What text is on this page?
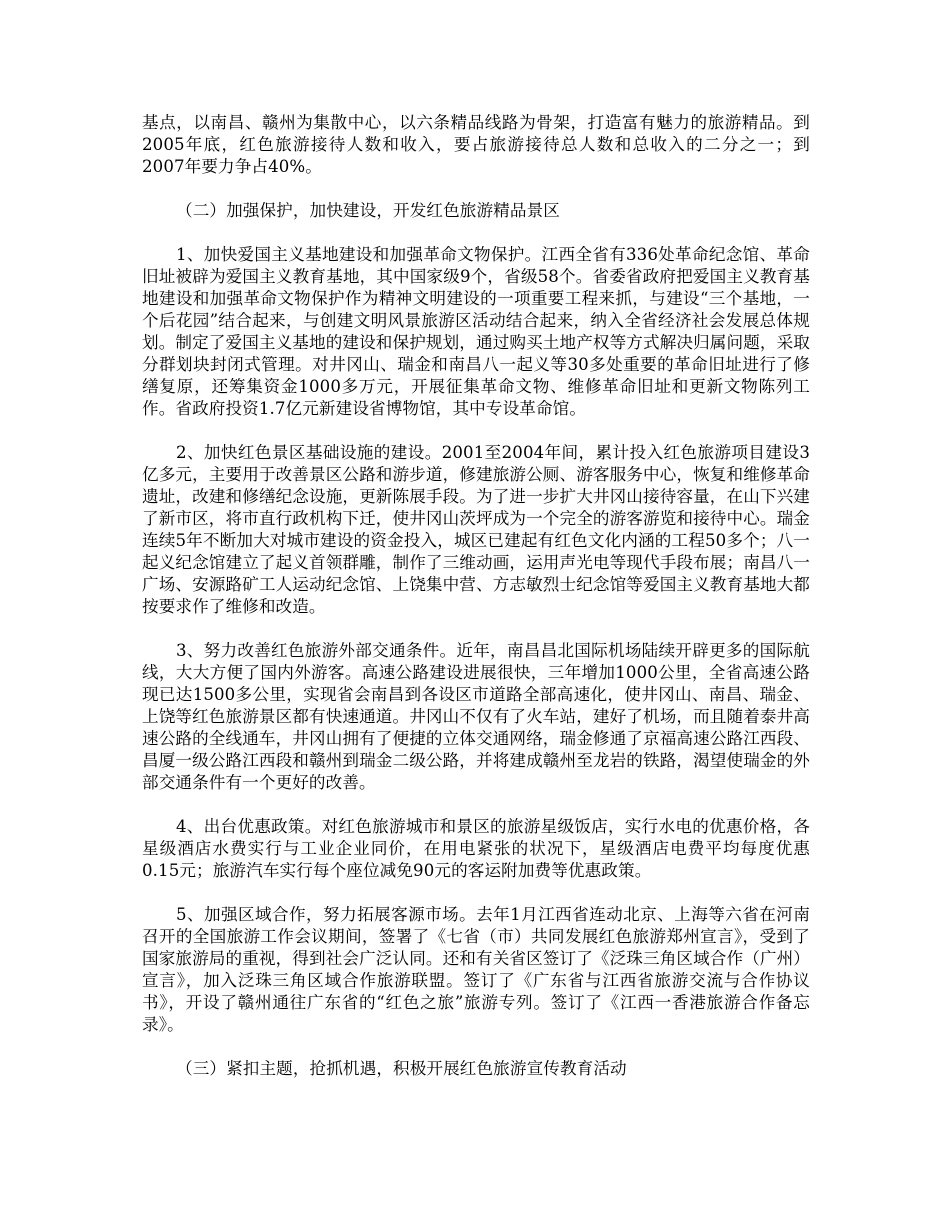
基点，以南昌、赣州为集散中心，以六条精品线路为骨架，打造富有魅力的旅游精品。到2005年底，红色旅游接待人数和收入，要占旅游接待总人数和总收入的二分之一；到2007年要力争占40%。

（二）加强保护，加快建设，开发红色旅游精品景区

1、加快爱国主义基地建设和加强革命文物保护。江西全省有336处革命纪念馆、革命旧址被辟为爱国主义教育基地，其中国家级9个，省级58个。省委省政府把爱国主义教育基地建设和加强革命文物保护作为精神文明建设的一项重要工程来抓，与建设“三个基地，一个后花园”结合起来，与创建文明风景旅游区活动结合起来，纳入全省经济社会发展总体规划。制定了爱国主义基地的建设和保护规划，通过购买土地产权等方式解决归属问题，采取分群划块封闭式管理。对井冈山、瑞金和南昌八一起义等30多处重要的革命旧址进行了修缮复原，还筹集资金1000多万元，开展征集革命文物、维修革命旧址和更新文物陈列工作。省政府投资1.7亿元新建设省博物馆，其中专设革命馆。

2、加快红色景区基础设施的建设。2001至2004年间，累计投入红色旅游项目建设3亿多元，主要用于改善景区公路和游步道，修建旅游公厕、游客服务中心，恢复和维修革命遗址，改建和修缮纪念设施，更新陈展手段。为了进一步扩大井冈山接待容量，在山下兴建了新市区，将市直行政机构下迁，使井冈山茨坪成为一个完全的游客游览和接待中心。瑞金连续5年不断加大对城市建设的资金投入，城区已建起有红色文化内涵的工程50多个；八一起义纪念馆建立了起义首领群雕，制作了三维动画，运用声光电等现代手段布展；南昌八一广场、安源路矿工人运动纪念馆、上饶集中营、方志敏烈士纪念馆等爱国主义教育基地大都按要求作了维修和改造。

3、努力改善红色旅游外部交通条件。近年，南昌昌北国际机场陆续开辟更多的国际航线，大大方便了国内外游客。高速公路建设进展很快，三年增加1000公里，全省高速公路现已达1500多公里，实现省会南昌到各设区市道路全部高速化，使井冈山、南昌、瑞金、上饶等红色旅游景区都有快速通道。井冈山不仅有了火车站，建好了机场，而且随着泰井高速公路的全线通车，井冈山拥有了便捷的立体交通网络，瑞金修通了京福高速公路江西段、昌厦一级公路江西段和赣州到瑞金二级公路，并将建成赣州至龙岩的铁路，渴望使瑞金的外部交通条件有一个更好的改善。

4、出台优惠政策。对红色旅游城市和景区的旅游星级饭店，实行水电的优惠价格，各星级酒店水费实行与工业企业同价，在用电紧张的状况下，星级酒店电费平均每度优惠0.15元；旅游汽车实行每个座位减免90元的客运附加费等优惠政策。

5、加强区域合作，努力拓展客源市场。去年1月江西省连动北京、上海等六省在河南召开的全国旅游工作会议期间，签署了《七省（市）共同发展红色旅游郑州宣言》，受到了国家旅游局的重视，得到社会广泛认同。还和有关省区签订了《泛珠三角区域合作（广州）宣言》，加入泛珠三角区域合作旅游联盟。签订了《广东省与江西省旅游交流与合作协议书》，开设了赣州通往广东省的“红色之旅”旅游专列。签订了《江西一香港旅游合作备忘录》。

（三）紧扣主题，抢抓机遇，积极开展红色旅游宣传教育活动
